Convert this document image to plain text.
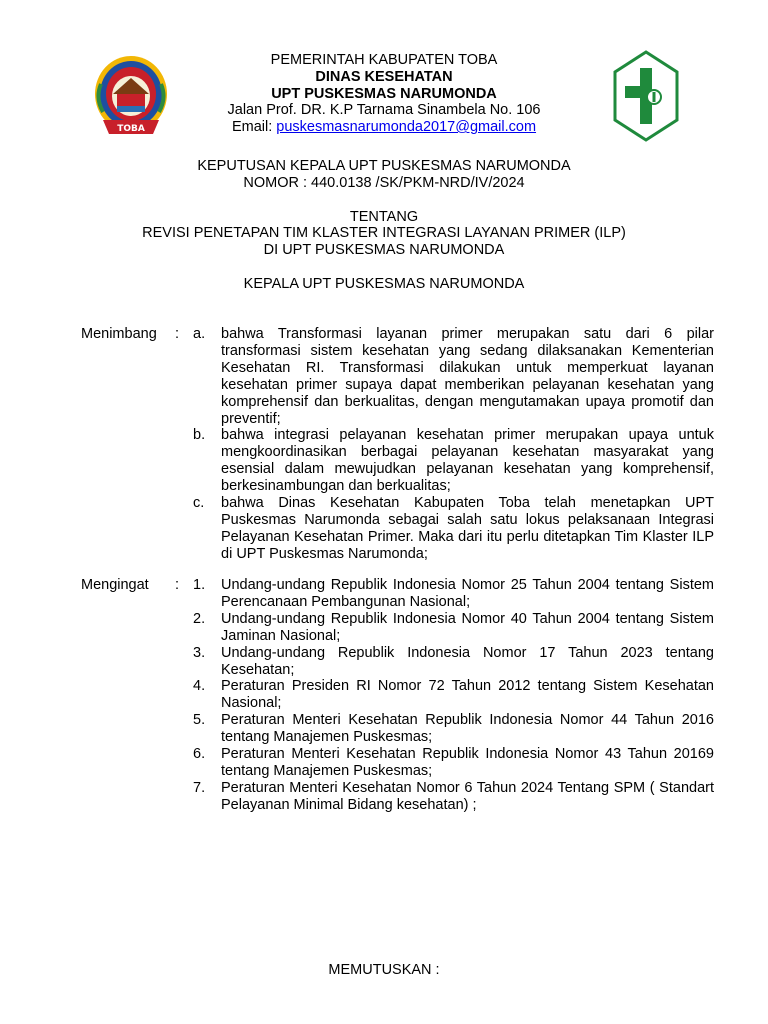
TOBA
PEMERINTAH KABUPATEN TOBA
DINAS KESEHATAN
UPT PUSKESMAS NARUMONDA
Jalan Prof. DR. K.P Tarnama Sinambela No. 106
Email: puskesmasnarumonda2017@gmail.com
KEPUTUSAN KEPALA UPT PUSKESMAS NARUMONDA
NOMOR : 440.0138 /SK/PKM-NRD/IV/2024
TENTANG
REVISI PENETAPAN TIM KLASTER INTEGRASI LAYANAN PRIMER (ILP)
DI UPT PUSKESMAS NARUMONDA
KEPALA UPT PUSKESMAS NARUMONDA
Menimbang : a.	bahwa Transformasi layanan primer merupakan satu dari 6 pilar transformasi sistem kesehatan yang sedang dilaksanakan Kementerian Kesehatan RI. Transformasi dilakukan untuk memperkuat layanan kesehatan primer supaya dapat memberikan pelayanan kesehatan yang komprehensif dan berkualitas, dengan mengutamakan upaya promotif dan preventif;
b.	bahwa integrasi pelayanan kesehatan primer merupakan upaya untuk mengkoordinasikan berbagai pelayanan kesehatan masyarakat yang esensial dalam mewujudkan pelayanan kesehatan yang komprehensif, berkesinambungan dan berkualitas;
c.	bahwa Dinas Kesehatan Kabupaten Toba telah menetapkan UPT Puskesmas Narumonda sebagai salah satu lokus pelaksanaan Integrasi Pelayanan Kesehatan Primer. Maka dari itu perlu ditetapkan Tim Klaster ILP di UPT Puskesmas Narumonda;
Mengingat : 1.	Undang-undang Republik Indonesia Nomor 25 Tahun 2004 tentang Sistem Perencanaan Pembangunan Nasional;
2.	Undang-undang Republik Indonesia Nomor 40 Tahun 2004 tentang Sistem Jaminan Nasional;
3.	Undang-undang Republik Indonesia Nomor 17 Tahun 2023 tentang Kesehatan;
4.	Peraturan Presiden RI Nomor 72 Tahun 2012 tentang Sistem Kesehatan Nasional;
5.	Peraturan Menteri Kesehatan Republik Indonesia Nomor 44 Tahun 2016 tentang Manajemen Puskesmas;
6.	Peraturan Menteri Kesehatan Republik Indonesia Nomor 43 Tahun 20169 tentang Manajemen Puskesmas;
7.	Peraturan Menteri Kesehatan Nomor 6 Tahun 2024 Tentang SPM ( Standart Pelayanan Minimal Bidang kesehatan) ;
MEMUTUSKAN :
